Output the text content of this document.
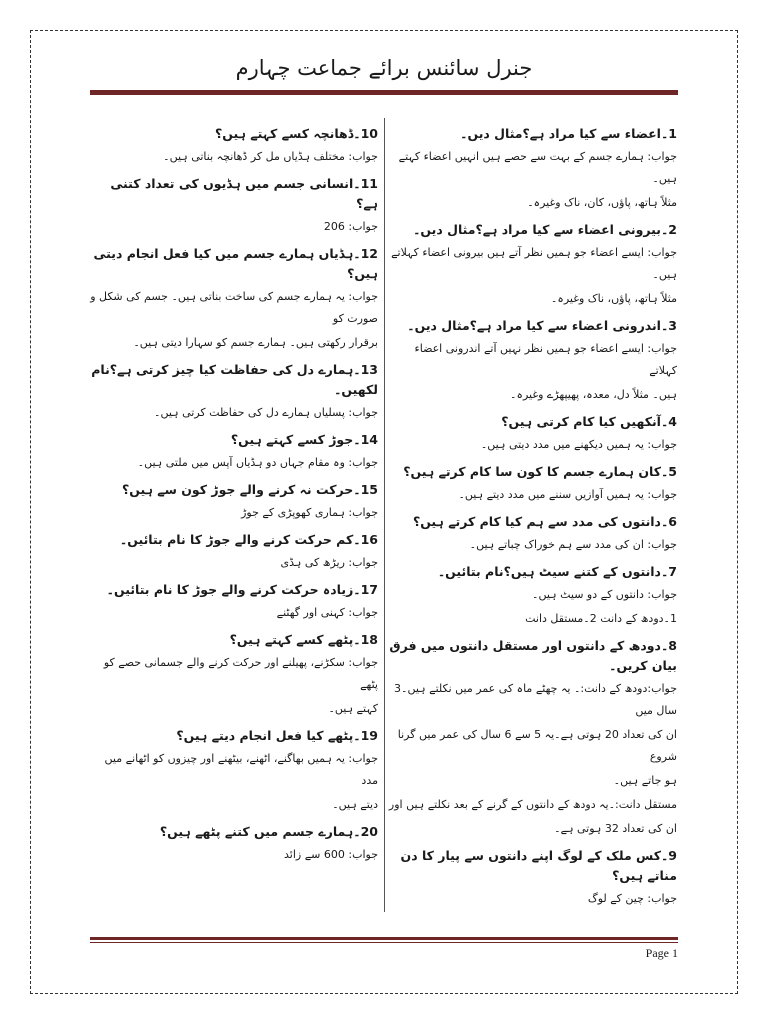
جنرل سائنس برائے جماعت چہارم
1۔اعضاء سے کیا مراد ہے؟مثال دیں۔
جواب: ہمارے جسم کے بہت سے حصے ہیں انہیں اعضاء کہتے ہیں۔
مثلاً ہاتھ، پاؤں، کان، ناک وغیرہ۔
2۔بیرونی اعضاء سے کیا مراد ہے؟مثال دیں۔
جواب: ایسے اعضاء جو ہمیں نظر آتے ہیں بیرونی اعضاء کہلاتے ہیں۔
مثلاً ہاتھ، پاؤں، ناک وغیرہ۔
3۔اندرونی اعضاء سے کیا مراد ہے؟مثال دیں۔
جواب: ایسے اعضاء جو ہمیں نظر نہیں آتے اندرونی اعضاء کہلاتے
ہیں۔ مثلاً دل، معدہ، پھیپھڑے وغیرہ۔
4۔آنکھیں کیا کام کرتی ہیں؟
جواب: یہ ہمیں دیکھنے میں مدد دیتی ہیں۔
5۔کان ہمارے جسم کا کون سا کام کرتے ہیں؟
جواب: یہ ہمیں آوازیں سننے میں مدد دیتے ہیں۔
6۔دانتوں کی مدد سے ہم کیا کام کرتے ہیں؟
جواب: ان کی مدد سے ہم خوراک چباتے ہیں۔
7۔دانتوں کے کتنے سیٹ ہیں؟نام بتائیں۔
جواب: دانتوں کے دو سیٹ ہیں۔
1۔دودھ کے دانت 2۔مستقل دانت
8۔دودھ کے دانتوں اور مستقل دانتوں میں فرق بیان کریں۔
جواب:دودھ کے دانت:۔ یہ چھٹے ماہ کی عمر میں نکلتے ہیں۔3 سال میں
ان کی تعداد 20 ہوتی ہے۔یہ 5 سے 6 سال کی عمر میں گرنا شروع
ہو جاتے ہیں۔
مستقل دانت:۔یہ دودھ کے دانتوں کے گرنے کے بعد نکلتے ہیں اور
ان کی تعداد 32 ہوتی ہے۔
9۔کس ملک کے لوگ اپنے دانتوں سے پیار کا دن مناتے ہیں؟
جواب: چین کے لوگ
10۔ڈھانچہ کسے کہتے ہیں؟
جواب: مختلف ہڈیاں مل کر ڈھانچہ بناتی ہیں۔
11۔انسانی جسم میں ہڈیوں کی تعداد کتنی ہے؟
جواب: 206
12۔ہڈیاں ہمارے جسم میں کیا فعل انجام دیتی ہیں؟
جواب: یہ ہمارے جسم کی ساخت بناتی ہیں۔ جسم کی شکل و صورت کو
برقرار رکھتی ہیں۔ ہمارے جسم کو سہارا دیتی ہیں۔
13۔ہمارے دل کی حفاظت کیا چیز کرتی ہے؟نام لکھیں۔
جواب: پسلیاں ہمارے دل کی حفاظت کرتی ہیں۔
14۔جوڑ کسے کہتے ہیں؟
جواب: وہ مقام جہاں دو ہڈیاں آپس میں ملتی ہیں۔
15۔حرکت نہ کرنے والے جوڑ کون سے ہیں؟
جواب: ہماری کھوپڑی کے جوڑ
16۔کم حرکت کرنے والے جوڑ کا نام بتائیں۔
جواب: ریڑھ کی ہڈی
17۔زیادہ حرکت کرنے والے جوڑ کا نام بتائیں۔
جواب: کہنی اور گھٹنے
18۔پٹھے کسے کہتے ہیں؟
جواب: سکڑنے، پھیلنے اور حرکت کرنے والے جسمانی حصے کو پٹھے
کہتے ہیں۔
19۔پٹھے کیا فعل انجام دیتے ہیں؟
جواب: یہ ہمیں بھاگنے، اٹھنے، بیٹھنے اور چیزوں کو اٹھانے میں مدد
دیتے ہیں۔
20۔ہمارے جسم میں کتنے پٹھے ہیں؟
جواب: 600 سے زائد
Page 1
